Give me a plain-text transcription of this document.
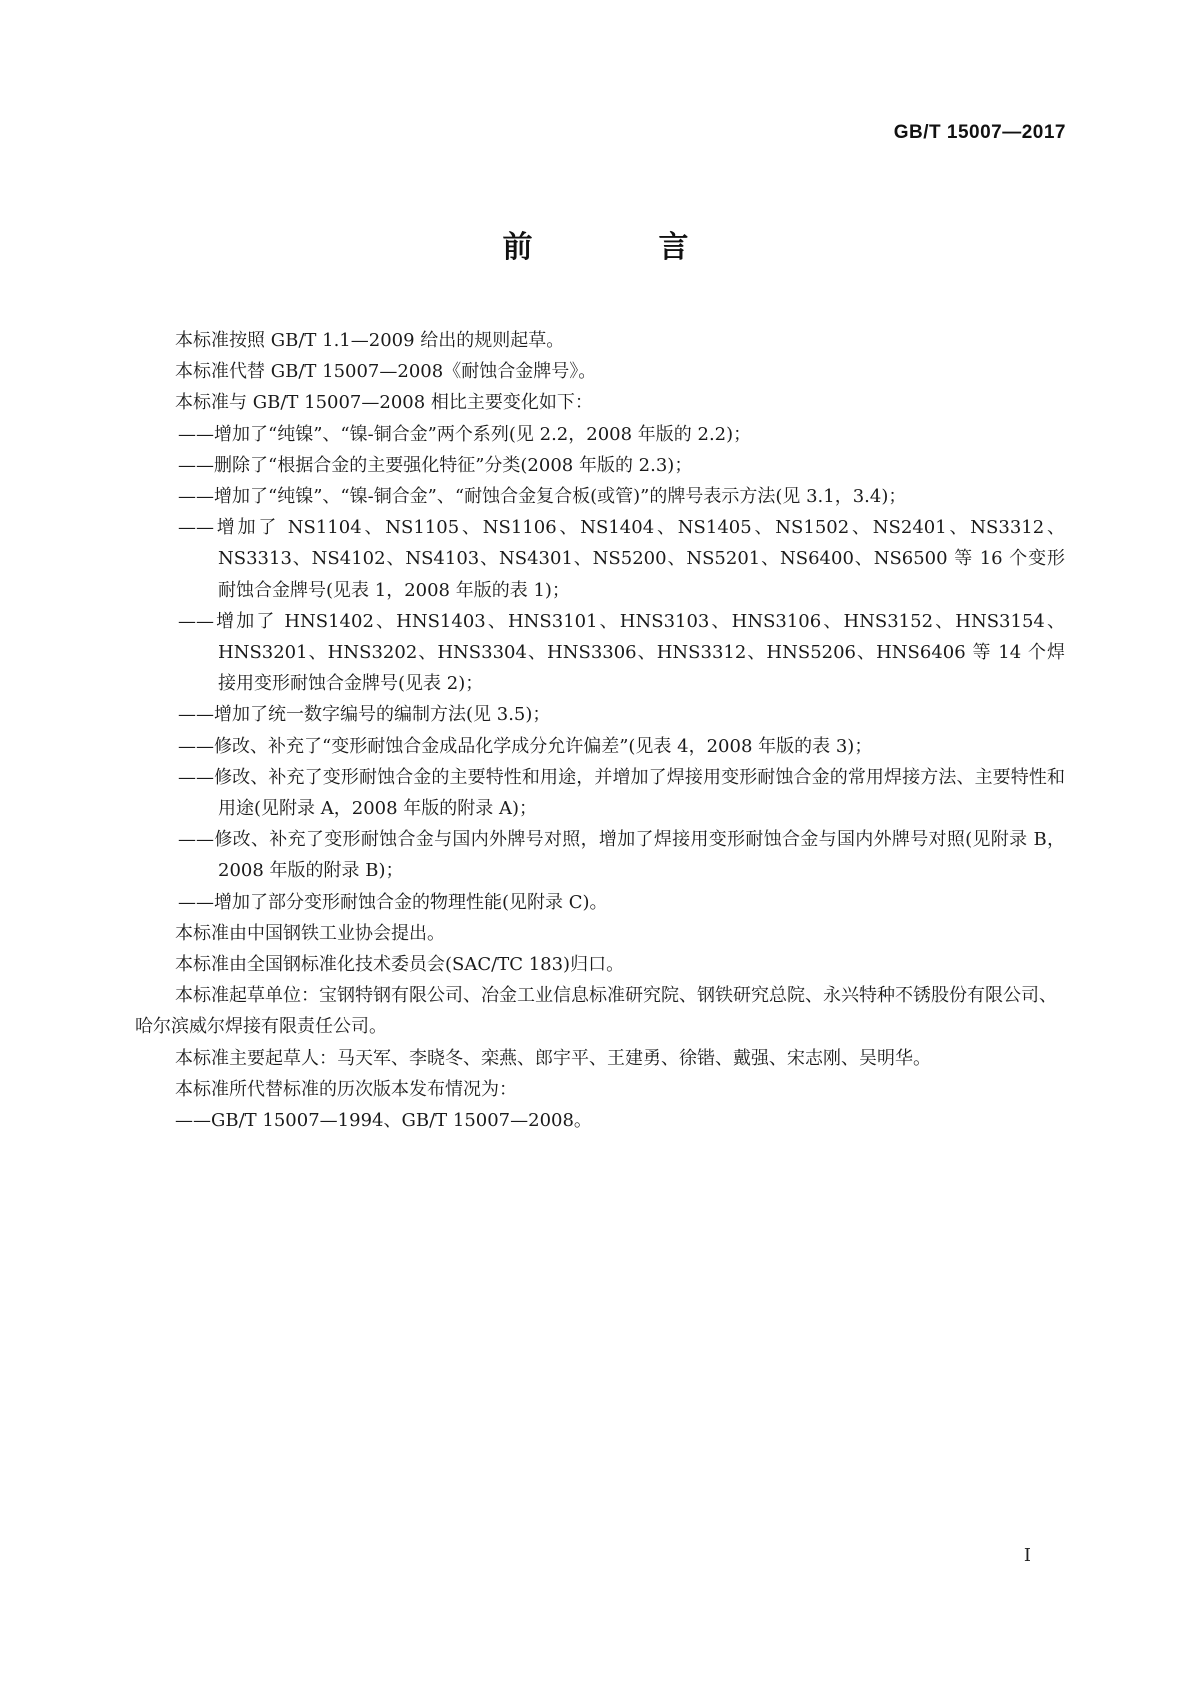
GB/T 15007—2017
前　言

本标准按照 GB/T 1.1—2009 给出的规则起草。

本标准代替 GB/T 15007—2008《耐蚀合金牌号》。

本标准与 GB/T 15007—2008 相比主要变化如下：

——增加了“纯镍”、“镍-铜合金”两个系列(见 2.2，2008 年版的 2.2)；

——删除了“根据合金的主要强化特征”分类(2008 年版的 2.3)；

——增加了“纯镍”、“镍-铜合金”、“耐蚀合金复合板(或管)”的牌号表示方法(见 3.1，3.4)；

——增加了 NS1104、NS1105、NS1106、NS1404、NS1405、NS1502、NS2401、NS3312、NS3313、NS4102、NS4103、NS4301、NS5200、NS5201、NS6400、NS6500 等 16 个变形耐蚀合金牌号(见表 1，2008 年版的表 1)；

——增加了 HNS1402、HNS1403、HNS3101、HNS3103、HNS3106、HNS3152、HNS3154、HNS3201、HNS3202、HNS3304、HNS3306、HNS3312、HNS5206、HNS6406 等 14 个焊接用变形耐蚀合金牌号(见表 2)；

——增加了统一数字编号的编制方法(见 3.5)；

——修改、补充了“变形耐蚀合金成品化学成分允许偏差”(见表 4，2008 年版的表 3)；

——修改、补充了变形耐蚀合金的主要特性和用途，并增加了焊接用变形耐蚀合金的常用焊接方法、主要特性和用途(见附录 A，2008 年版的附录 A)；

——修改、补充了变形耐蚀合金与国内外牌号对照，增加了焊接用变形耐蚀合金与国内外牌号对照(见附录 B，2008 年版的附录 B)；

——增加了部分变形耐蚀合金的物理性能(见附录 C)。

本标准由中国钢铁工业协会提出。

本标准由全国钢标准化技术委员会(SAC/TC 183)归口。

本标准起草单位：宝钢特钢有限公司、冶金工业信息标准研究院、钢铁研究总院、永兴特种不锈股份有限公司、哈尔滨威尔焊接有限责任公司。

本标准主要起草人：马天军、李晓冬、栾燕、郎宇平、王建勇、徐锴、戴强、宋志刚、吴明华。

本标准所代替标准的历次版本发布情况为：

——GB/T 15007—1994、GB/T 15007—2008。

I
